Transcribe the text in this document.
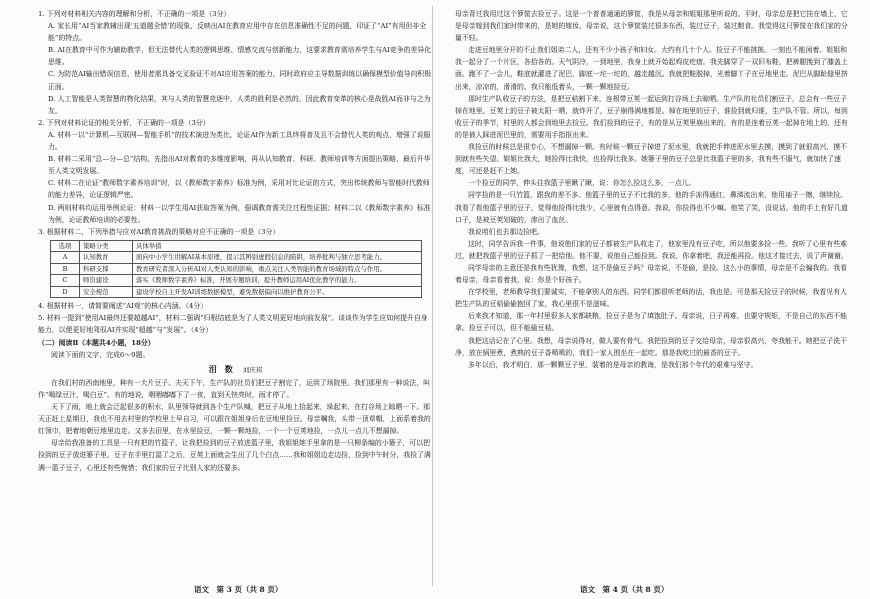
1. 下列对材料相关内容的理解和分析，不正确的一项是（3分）

A. 家长用“AI当家教辅出现‘五道题全错’的现象，反映出AI在教育应用中存在信息准确性不足的问题，印证了“AI”有用但非全能”的特点。

B. AI在教育中可作为辅助教学，但无法替代人类的逻辑思维、情感交流与创新能力，这要求教育需培养学生与AI竞争的差异化思维。

C. 为防范AI输出错误信息，使用者需具备交叉验证不对AI应用答案的能力，同时政府应主导数据训练以确保模型价值导向积极正面。

D. 人工智能是人类智慧的物化结果，其与人类的智慧竞逐中，人类的胜利是必然的，因此教育变革的核心是战胜AI而非与之为友。

2. 下列对材料论证的相关分析，不正确的一项是（3分）

A. 材料一以“计算机—互联网—智能手机”的技术演进为类比，论证AI作为新工具终将普及且不会替代人类的观点，增强了说服力。

B. 材料二采用“总—分—总”结构，先指出AI对教育的多维度影响，再从认知教育、科研、教师培训等方面提出策略，最后升华至人类文明发展。

C. 材料二在论证“教师数字素养培训”时，以《教师数字素养》标准为例，采用对比论证的方式，突出传统教师与智能时代教师的能力差异，论证逻辑严密。

D. 两则材料均运用举例论证：材料一以学生用AI获取答案为例，强调教育需关注过程性证据；材料二以《教师数字素养》标准为例，论证教师培训的必要性。

3. 根据材料二，下列举措与应对AI教育挑战的策略对应不正确的一项是（3分）

选项	策略分类	具体举措
A	认知教育	面向中小学生讲解AI基本原理，提示其辨别虚假信息的陷阱，培养批判与独立思考能力。
B	科研支撑	教育研究者深入分析AI对人类认知的影响，重点关注人类智能的教育场域的特点与作用。
C	师资建设	落实《教师数字素养》标准，开展专题培训，提升教师运用AI优化教学的能力。
D	安全规范	建设学校自主开发AI训练数据模型，避免数据偏向以维护教育公平。

4. 根据材料一，请简要阐述“AI观”的核心内涵。（4分）

5. 材料一提到“使用AI最终还要超越AI”，材料二强调“归根结底是为了人类文明更好地向前发展”。谈谈作为学生应如何提升自身能力，以便更好地驾驭AI并实现“超越”与“发展”。（4分）

（二）阅读Ⅱ（本题共4小题，18分）

阅读下面的文字，完成6～9题。

泪　数 刘庆邦

在我们村的西南地里，种有一大片豆子。夫天下午，生产队的社员们把豆子割完了，运到了场院里。我们那里有一种说法，叫作“喝绿豆汁，喝白豆”。有的地说，咽咽嘟嘟下了一夜，直到天快亮时，雨才停了。

天下了雨，地上就会泛起很多的积水，队里领导就到各个生产队喊，把豆子从地上拾起来，垛起来，在打谷场上晾晒一下。那天正赶上星期日，我也不用去村里的学校里上早自习，可以跟在姐姐身后在豆地里捡豆。母亲嘱我，头带一顶草帽，上面系着我的红领巾，把着地朝豆地里边走。又多去田里，在水里捡豆，一颗一颗地捡，一个一个豆荚地捡，一点儿一点儿不想漏掉。

母亲给我准备的工具是一只有把的竹篮子，让我把捡到的豆子放进篮子里，我姐姐她手里拿的是一只柳条编的小篓子，可以把捡到的豆子放进篓子里。豆子在手里打湿了之后，豆荚上面就会生出了几个白点……我和姐姐边走边捡，捡到中午时分，我捡了满满一篮子豆子，心里还有些惋惜；我们家的豆子比别人家的还要多。

母亲背过我用过这个箩筐去捡豆子。这是一个普普通通的箩筐，我是从母亲和姐姐那里听说的。平时，母亲总是把它挂在墙上，它是母亲嫁到我们家时带来的，是她的嫁妆。母亲说，这个箩筐装过很多东西，装过豆子，装过粮食。我觉得这只箩筐在我们家的分量不轻。

走进豆地里分开的不止我们姐弟二人，还有不少小孩子和妇女。大约有几十个人。捡豆子不能挑拣。一刻也不能闲着。姐姐和我一起分了一个片区，各拾各的。天气阴冷，一到地里，我身上就开始起鸡皮疙瘩。我先脚穿了一双旧布鞋，把裤腿挽到了膝盖上面。跑不了一会儿，鞋底就灌进了泥巴，脚底一坨一坨的，越走越沉。我就把鞋脱掉，光着脚丫子在豆地里走。泥巴从脚趾缝里挤出来，凉凉的，滑滑的。我只能低着头，一颗一颗地捡豆。

那时生产队收豆子的方法，是把豆秸割下来，连根带豆荚一起运到打谷场上去晾晒。生产队的社员们割豆子，总会有一些豆子掉在地里。豆荚上的豆子被太阳一晒，就炸开了，豆子崩得满地都是。掉在地里的豆子，谁捡到就归谁，生产队不管。所以，每到收豆子的季节，村里的人都会到地里去捡豆。我们捡到的豆子，有的是从豆荚里崩出来的，有的是连着豆荚一起掉在地上的，还有的是被人踩进泥巴里的，需要用手指抠出来。

我捡豆的时候总是很专心，不想漏掉一颗。有时候一颗豆子掉进了泥水里，我就把手伸进泥水里去摸，摸到了就很高兴，摸不到就有些失望。姐姐比我大，她捡得比我快，也捡得比我多。她篓子里的豆子总是比我篮子里的多，我有些不服气，就加快了速度，可还是赶不上她。

一个捡豆的同学，伸头往我篮子里瞅了瞅，说：你怎么捡这么多，一点儿。

同学捡的是一只竹篮，跟我的差不多。他篮子里的豆子不比我的多，他的手冻得通红，鼻涕流出来，他用袖子一擦，继续捡。我看了看他篮子里的豆子，觉得他捡得比我少，心里就有点得意。我说，你捡得也不少嘛。他笑了笑，没说话。他的手上有好几道口子，是被豆荚划破的，渗出了血丝。

我说咱们也去那边捡吧。

这时，同学告诉我一件事，他说他们家的豆子都被生产队收走了，他家里没有豆子吃，所以他要多捡一些。我听了心里有些难过，就把我篮子里的豆子抓了一把给他。他不要，说他自己能捡到。我说，你拿着吧，我还能再捡。他这才接过去，说了声谢谢。

同学母亲的主意还是我有些犹豫，我想，这不是偷豆子吗？母亲说，不是偷，是捡。这么小的事情，母亲是不会骗我的。我看着母亲，母亲看着我，说：你是个好孩子。

在学校里，老师教导我们要诚实，不能拿别人的东西。同学们都很听老师的话，我也是。可是那天捡豆子的时候，我看见有人把生产队的豆秸偷偷抱回了家，我心里很不是滋味。

后来我才知道，那一年村里很多人家都缺粮，捡豆子是为了填饱肚子。母亲说，日子再难，也要守规矩，不是自己的东西不能拿。捡豆子可以，但不能偷豆秸。

我把这话记在了心里。我想，母亲说得对，做人要有骨气。我把捡到的豆子交给母亲，母亲很高兴，夸我能干。她把豆子洗干净，放在锅里煮，煮熟的豆子香喷喷的，我们一家人围坐在一起吃。那是我吃过的最香的豆子。

多年以后，我才明白，那一颗颗豆子里，装着的是母亲的教诲，是我们那个年代的艰难与坚守。

语文　第 3 页（共 8 页）	语文　第 4 页（共 8 页）
